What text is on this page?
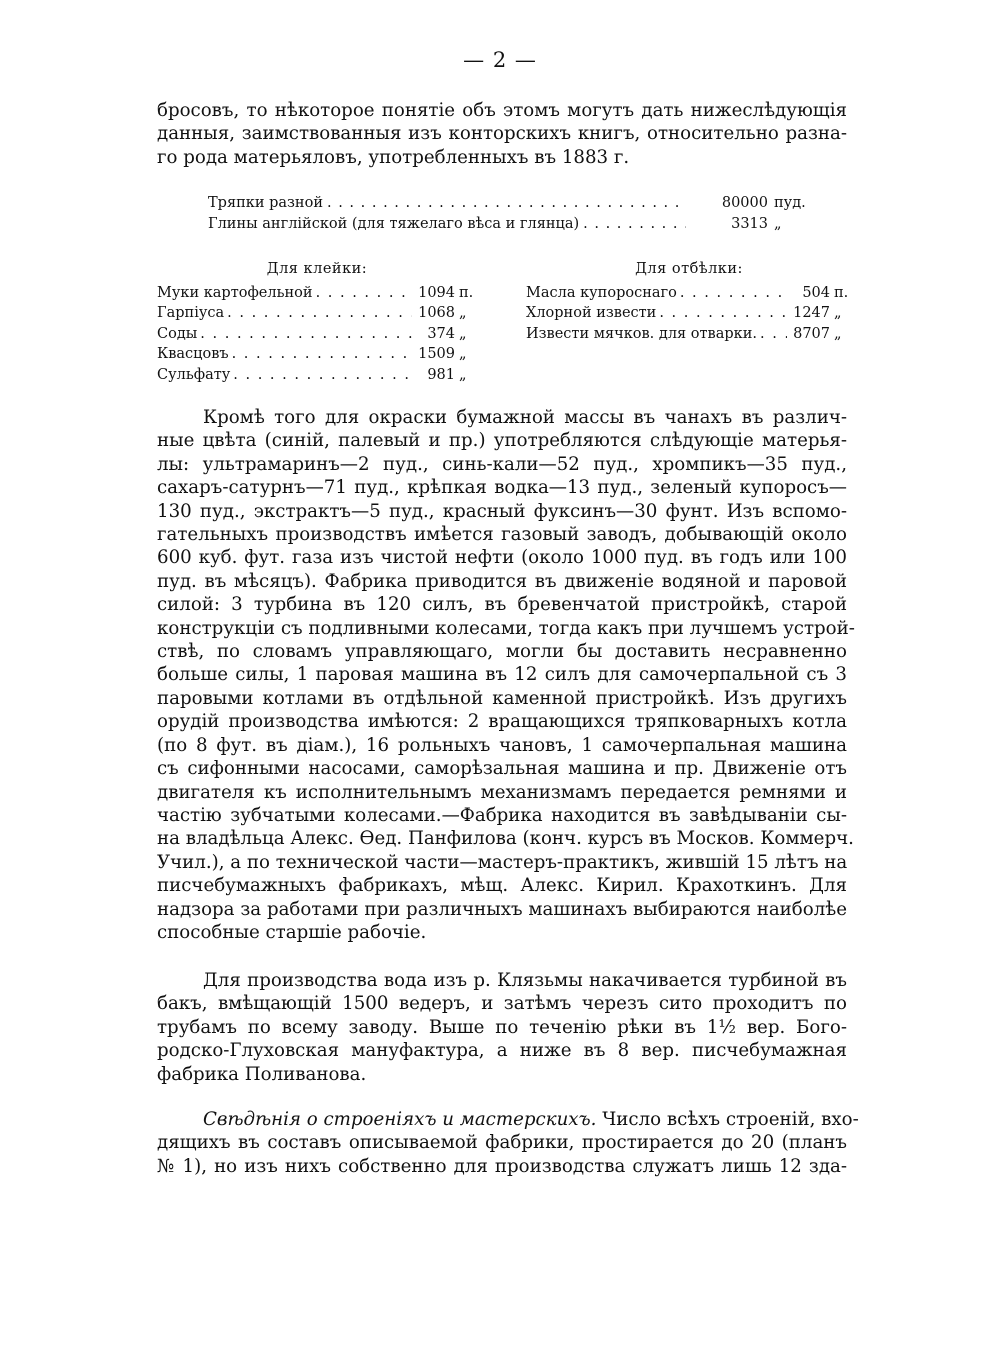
— 2 —
бросовъ, то нѣкоторое понятіе объ этомъ могутъ дать нижеслѣдующія
данныя, заимствованныя изъ конторскихъ книгъ, относительно разна-
го рода матерьяловъ, употребленныхъ въ 1883 г.
Тряпки разной . . .	80000 пуд.
Глины англійской (для тяжелаго вѣса и глянца) . . .	3313 „
Для клейки:
Муки картофельной . . .	1094 п.
Гарпіуса . . .	1068 „
Соды . . .	374 „
Квасцовъ . . .	1509 „
Сульфату . . .	981 „
Для отбѣлки:
Масла купороснаго . . .	504 п.
Хлорной извести . . .	1247 „
Извести мячков. для отварки. . . . 8707 „
Кромѣ того для окраски бумажной массы въ чанахъ въ различ-
ные цвѣта (синій, палевый и пр.) употребляются слѣдующіе матерья-
лы: ультрамаринъ—2 пуд., синь-кали—52 пуд., хромпикъ—35 пуд.,
сахаръ-сатурнъ—71 пуд., крѣпкая водка—13 пуд., зеленый купоросъ—
130 пуд., экстрактъ—5 пуд., красный фуксинъ—30 фунт. Изъ вспомо-
гательныхъ производствъ имѣется газовый заводъ, добывающій около
600 куб. фут. газа изъ чистой нефти (около 1000 пуд. въ годъ или 100
пуд. въ мѣсяцъ). Фабрика приводится въ движеніе водяной и паровой
силой: 3 турбина въ 120 силъ, въ бревенчатой пристройкѣ, старой
конструкціи съ подливными колесами, тогда какъ при лучшемъ устрой-
ствѣ, по словамъ управляющаго, могли бы доставить несравненно
больше силы, 1 паровая машина въ 12 силъ для самочерпальной съ 3
паровыми котлами въ отдѣльной каменной пристройкѣ. Изъ другихъ
орудій производства имѣются: 2 вращающихся тряпковарныхъ котла
(по 8 фут. въ діам.), 16 рольныхъ чановъ, 1 самочерпальная машина
съ сифонными насосами, саморѣзальная машина и пр. Движеніе отъ
двигателя къ исполнительнымъ механизмамъ передается ремнями и
частію зубчатыми колесами.—Фабрика находится въ завѣдываніи сы-
на владѣльца Алекс. Ѳед. Панфилова (конч. курсъ въ Москов. Коммерч.
Учил.), а по технической части—мастеръ-практикъ, жившій 15 лѣтъ на
писчебумажныхъ фабрикахъ, мѣщ. Алекс. Кирил. Крахоткинъ. Для
надзора за работами при различныхъ машинахъ выбираются наиболѣе
способные старшіе рабочіе.
Для производства вода изъ р. Клязьмы накачивается турбиной въ
бакъ, вмѣщающій 1500 ведеръ, и затѣмъ черезъ сито проходитъ по
трубамъ по всему заводу. Выше по теченію рѣки въ 1½ вер. Бого-
родско-Глуховская мануфактура, а ниже въ 8 вер. писчебумажная
фабрика Поливанова.
Свѣдѣнія о строеніяхъ и мастерскихъ. Число всѣхъ строеній, вхо-
дящихъ въ составъ описываемой фабрики, простирается до 20 (планъ
№ 1), но изъ нихъ собственно для производства служатъ лишь 12 зда-
